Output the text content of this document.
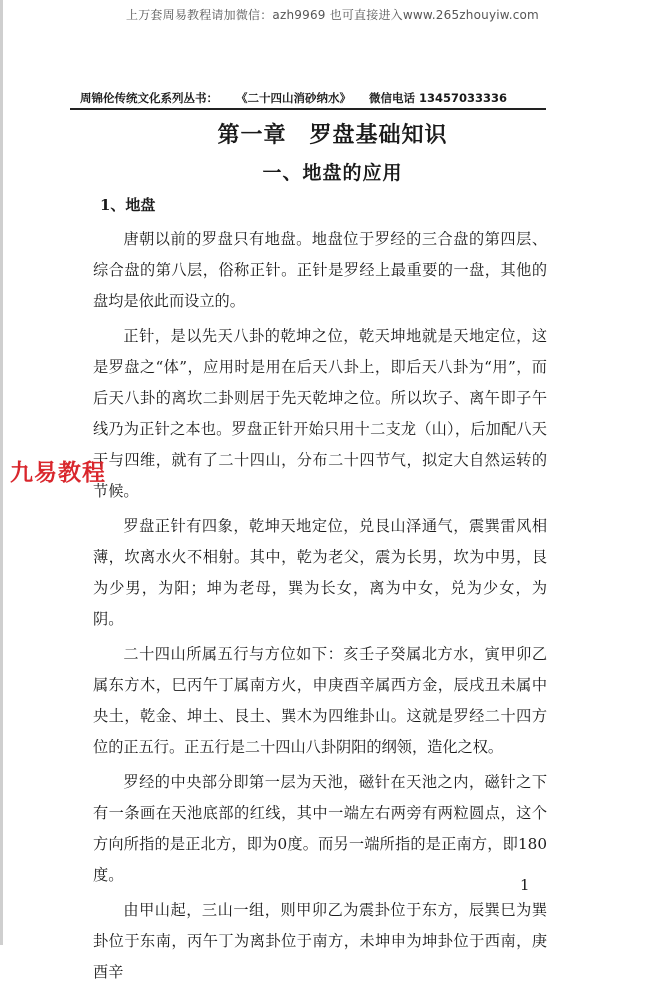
上万套周易教程请加微信：azh9969 也可直接进入www.265zhouyiw.com
周锦伦传统文化系列丛书： 《二十四山消砂纳水》 微信电话 13457033336
第一章　罗盘基础知识
一、地盘的应用
1、地盘

唐朝以前的罗盘只有地盘。地盘位于罗经的三合盘的第四层、综合盘的第八层，俗称正针。正针是罗经上最重要的一盘，其他的盘均是依此而设立的。

正针，是以先天八卦的乾坤之位，乾天坤地就是天地定位，这是罗盘之“体”，应用时是用在后天八卦上，即后天八卦为“用”，而后天八卦的离坎二卦则居于先天乾坤之位。所以坎子、离午即子午线乃为正针之本也。罗盘正针开始只用十二支龙（山），后加配八天干与四维，就有了二十四山，分布二十四节气，拟定大自然运转的节候。

罗盘正针有四象，乾坤天地定位，兑艮山泽通气，震巽雷风相薄，坎离水火不相射。其中，乾为老父，震为长男，坎为中男，艮为少男，为阳；坤为老母，巽为长女，离为中女，兑为少女，为阴。

二十四山所属五行与方位如下：亥壬子癸属北方水，寅甲卯乙属东方木，巳丙午丁属南方火，申庚酉辛属西方金，辰戌丑未属中央土，乾金、坤土、艮土、巽木为四维卦山。这就是罗经二十四方位的正五行。正五行是二十四山八卦阴阳的纲领，造化之权。

罗经的中央部分即第一层为天池，磁针在天池之内，磁针之下有一条画在天池底部的红线，其中一端左右两旁有两粒圆点，这个方向所指的是正北方，即为0度。而另一端所指的是正南方，即180度。

由甲山起，三山一组，则甲卯乙为震卦位于东方，辰巽巳为巽卦位于东南，丙午丁为离卦位于南方，未坤申为坤卦位于西南，庚酉辛

九易教程
1
